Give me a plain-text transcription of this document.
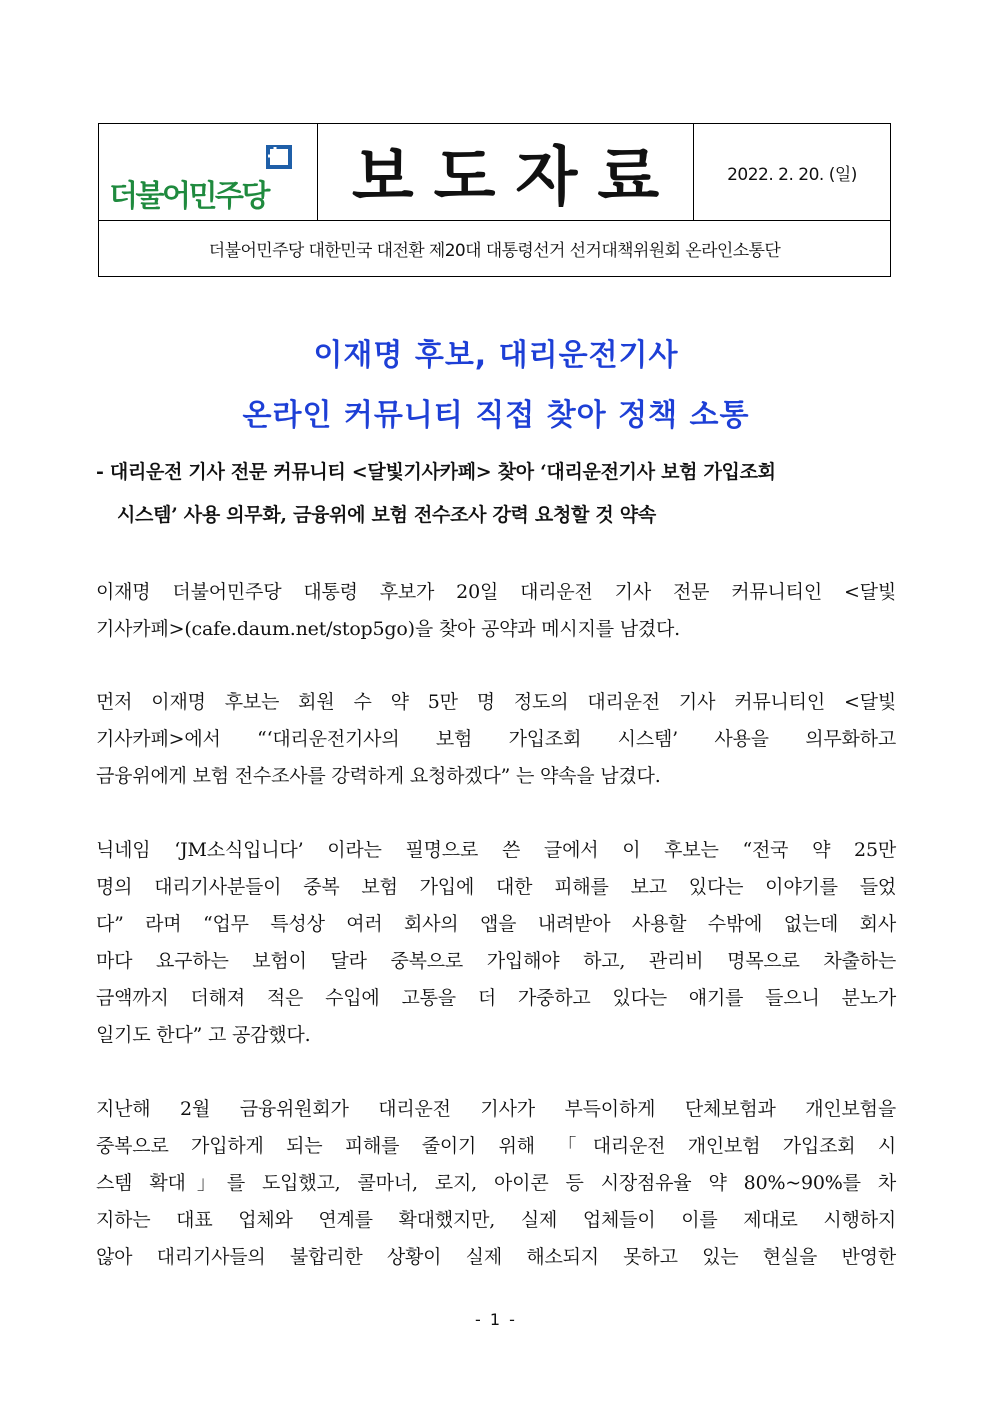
더불어민주당	보도자료	2022. 2. 20. (일)
더불어민주당 대한민국 대전환 제20대 대통령선거 선거대책위원회 온라인소통단
이재명 후보, 대리운전기사
온라인 커뮤니티 직접 찾아 정책 소통
- 대리운전 기사 전문 커뮤니티 <달빛기사카페> 찾아 ‘대리운전기사 보험 가입조회
시스템’ 사용 의무화, 금융위에 보험 전수조사 강력 요청할 것 약속
이재명 더불어민주당 대통령 후보가 20일 대리운전 기사 전문 커뮤니티인 <달빛
기사카페>(cafe.daum.net/stop5go)을 찾아 공약과 메시지를 남겼다.
먼저 이재명 후보는 회원 수 약 5만 명 정도의 대리운전 기사 커뮤니티인 <달빛
기사카페>에서 “‘대리운전기사의 보험 가입조회 시스템’ 사용을 의무화하고
금융위에게 보험 전수조사를 강력하게 요청하겠다” 는 약속을 남겼다.
닉네임 ‘JM소식입니다’ 이라는 필명으로 쓴 글에서 이 후보는 “전국 약 25만
명의 대리기사분들이 중복 보험 가입에 대한 피해를 보고 있다는 이야기를 들었
다” 라며 “업무 특성상 여러 회사의 앱을 내려받아 사용할 수밖에 없는데 회사
마다 요구하는 보험이 달라 중복으로 가입해야 하고, 관리비 명목으로 차출하는
금액까지 더해져 적은 수입에 고통을 더 가중하고 있다는 얘기를 들으니 분노가
일기도 한다” 고 공감했다.
지난해 2월 금융위원회가 대리운전 기사가 부득이하게 단체보험과 개인보험을
중복으로 가입하게 되는 피해를 줄이기 위해 「대리운전 개인보험 가입조회 시
스템 확대」를 도입했고, 콜마너, 로지, 아이콘 등 시장점유율 약 80%~90%를 차
지하는 대표 업체와 연계를 확대했지만, 실제 업체들이 이를 제대로 시행하지
않아 대리기사들의 불합리한 상황이 실제 해소되지 못하고 있는 현실을 반영한
- 1 -
